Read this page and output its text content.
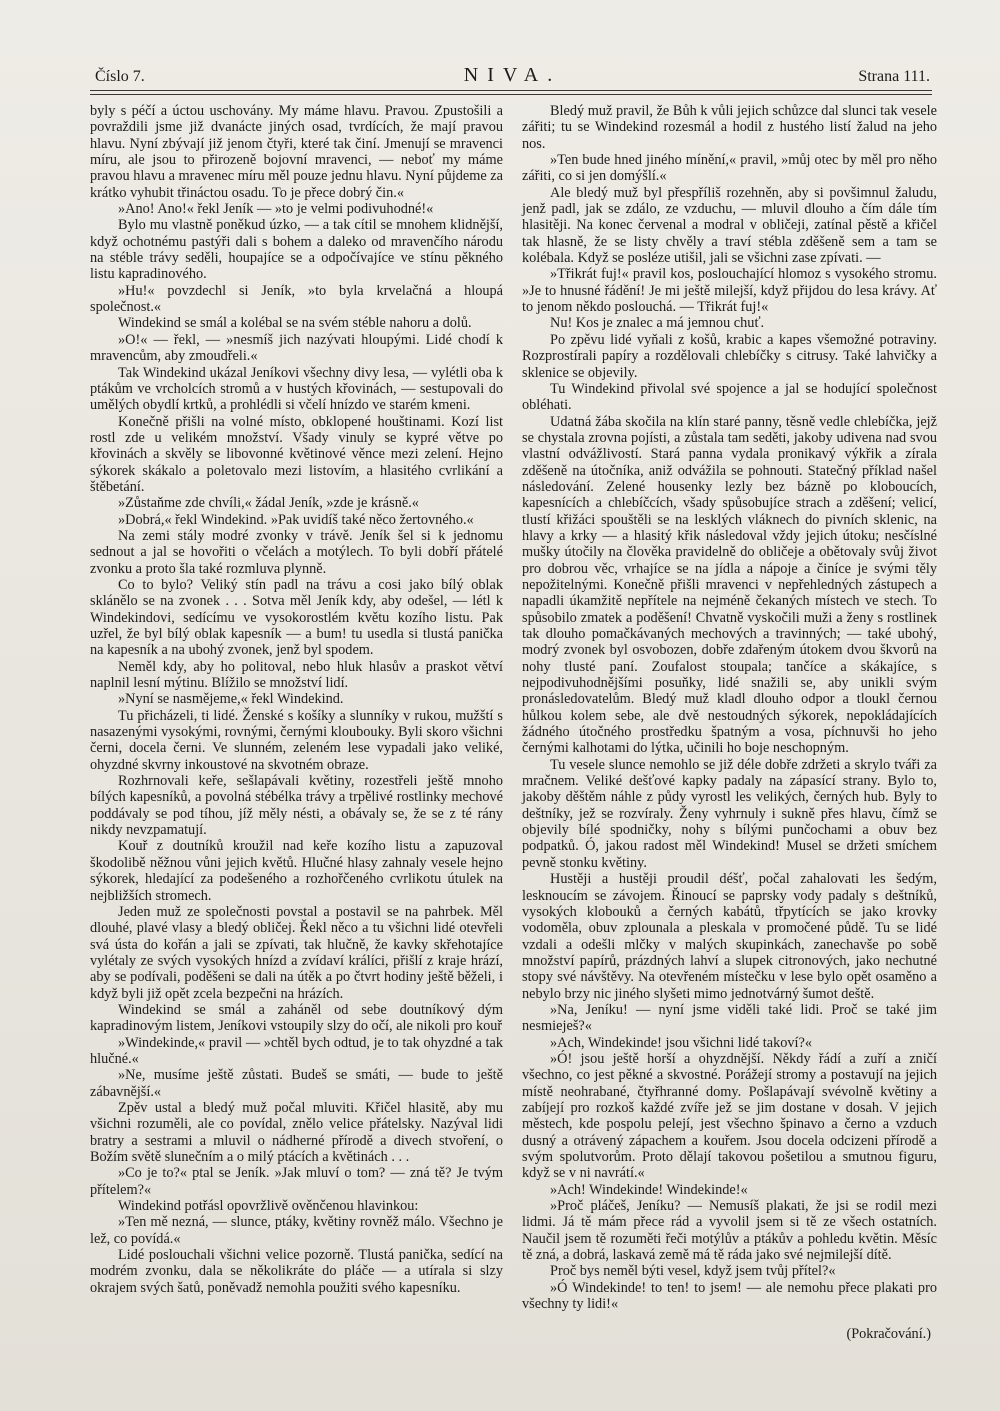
Číslo 7.	NIVA.	Strana 111.

byly s péčí a úctou uschovány. My máme hlavu. Pravou. Zpustošili a povraždili jsme již dvanácte jiných osad, tvrdících, že mají pravou hlavu. Nyní zbývají již jenom čtyři, které tak činí. Jmenují se mravenci míru, ale jsou to přirozeně bojovní mravenci, — neboť my máme pravou hlavu a mravenec míru měl pouze jednu hlavu. Nyní půjdeme za krátko vyhubit třináctou osadu. To je přece dobrý čin.«

»Ano! Ano!« řekl Jeník — »to je velmi podivuhodné!«

Bylo mu vlastně poněkud úzko, — a tak cítil se mnohem klidnější, když ochotnému pastýři dali s bohem a daleko od mravenčího národu na stéble trávy seděli, houpajíce se a odpočívajíce ve stínu pěkného listu kapradinového.

»Hu!« povzdechl si Jeník, »to byla krvelačná a hloupá společnost.«

Windekind se smál a kolébal se na svém stéble nahoru a dolů.

»O!« — řekl, — »nesmíš jich nazývati hloupými. Lidé chodí k mravencům, aby zmoudřeli.«

Tak Windekind ukázal Jeníkovi všechny divy lesa, — vylétli oba k ptákům ve vrcholcích stromů a v hustých křovinách, — sestupovali do umělých obydlí krtků, a prohlédli si včelí hnízdo ve starém kmeni.

Konečně přišli na volné místo, obklopené houštinami. Kozí list rostl zde u velikém množství. Všady vinuly se kypré větve po křovinách a skvěly se libovonné květinové věnce mezi zelení. Hejno sýkorek skákalo a poletovalo mezi listovím, a hlasitého cvrlikání a štěbetání.

»Zůstaňme zde chvíli,« žádal Jeník, »zde je krásně.«

»Dobrá,« řekl Windekind. »Pak uvidíš také něco žertovného.«

Na zemi stály modré zvonky v trávě. Jeník šel si k jednomu sednout a jal se hovořiti o včelách a motýlech. To byli dobří přátelé zvonku a proto šla také rozmluva plynně.

Co to bylo? Veliký stín padl na trávu a cosi jako bílý oblak sklánělo se na zvonek . . . Sotva měl Jeník kdy, aby odešel, — létl k Windekindovi, sedícímu ve vysokorostlém květu kozího listu. Pak uzřel, že byl bílý oblak kapesník — a bum! tu usedla si tlustá panička na kapesník a na ubohý zvonek, jenž byl spodem.

Neměl kdy, aby ho politoval, nebo hluk hlasův a praskot větví naplnil lesní mýtinu. Blížilo se množství lidí.

»Nyní se nasmějeme,« řekl Windekind.

Tu přicházeli, ti lidé. Ženské s košíky a slunníky v rukou, mužští s nasazenými vysokými, rovnými, černými kloubouky. Byli skoro všichni černi, docela černi. Ve slunném, zeleném lese vypadali jako veliké, ohyzdné skvrny inkoustové na skvotném obraze.

Rozhrnovali keře, sešlapávali květiny, rozestřeli ještě mnoho bílých kapesníků, a povolná stébélka trávy a trpělivé rostlinky mechové poddávaly se pod tíhou, jíž měly nésti, a obávaly se, že se z té rány nikdy nevzpamatují.

Kouř z doutníků kroužil nad keře kozího listu a zapuzoval škodolibě něžnou vůni jejich květů. Hlučné hlasy zahnaly vesele hejno sýkorek, hledající za podešeného a rozhořčeného cvrlikotu útulek na nejbližších stromech.

Jeden muž ze společnosti povstal a postavil se na pahrbek. Měl dlouhé, plavé vlasy a bledý obličej. Řekl něco a tu všichni lidé otevřeli svá ústa do kořán a jali se zpívati, tak hlučně, že kavky skřehotajíce vylétaly ze svých vysokých hnízd a zvídaví králíci, přišlí z kraje hrází, aby se podívali, poděšeni se dali na útěk a po čtvrt hodiny ještě běželi, i když byli již opět zcela bezpečni na hrázích.

Windekind se smál a zaháněl od sebe doutníkový dým kapradinovým listem, Jeníkovi vstoupily slzy do očí, ale nikoli pro kouř

»Windekinde,« pravil — »chtěl bych odtud, je to tak ohyzdné a tak hlučné.«

»Ne, musíme ještě zůstati. Budeš se smáti, — bude to ještě zábavnější.«

Zpěv ustal a bledý muž počal mluviti. Křičel hlasitě, aby mu všichni rozuměli, ale co povídal, znělo velice přátelsky. Nazýval lidi bratry a sestrami a mluvil o nádherné přírodě a divech stvoření, o Božím světě slunečním a o milý ptácích a květinách . . .

»Co je to?« ptal se Jeník. »Jak mluví o tom? — zná tě? Je tvým přítelem?«

Windekind potřásl opovržlivě ověnčenou hlavinkou:

»Ten mě nezná, — slunce, ptáky, květiny rovněž málo. Všechno je lež, co povídá.«

Lidé poslouchali všichni velice pozorně. Tlustá panička, sedící na modrém zvonku, dala se několikráte do pláče — a utírala si slzy okrajem svých šatů, poněvadž nemohla použiti svého kapesníku.

Bledý muž pravil, že Bůh k vůli jejich schůzce dal slunci tak vesele zářiti; tu se Windekind rozesmál a hodil z hustého listí žalud na jeho nos.

»Ten bude hned jiného mínění,« pravil, »můj otec by měl pro něho zářiti, co si jen domýšlí.«

Ale bledý muž byl přespříliš rozehněn, aby si povšimnul žaludu, jenž padl, jak se zdálo, ze vzduchu, — mluvil dlouho a čím dále tím hlasitěji. Na konec červenal a modral v obličeji, zatínal pěstě a křičel tak hlasně, že se listy chvěly a traví stébla zděšeně sem a tam se kolébala. Když se posléze utišil, jali se všichni zase zpívati. —

»Třikrát fuj!« pravil kos, poslouchající hlomoz s vysokého stromu. »Je to hnusné řádění! Je mi ještě milejší, když přijdou do lesa krávy. Ať to jenom někdo poslouchá. — Třikrát fuj!«

Nu! Kos je znalec a má jemnou chuť.

Po zpěvu lidé vyňali z košů, krabic a kapes všemožné potraviny. Rozprostírali papíry a rozdělovali chlebíčky s citrusy. Také lahvičky a sklenice se objevily.

Tu Windekind přivolal své spojence a jal se hodující společnost obléhati.

Udatná žába skočila na klín staré panny, těsně vedle chlebíčka, jejž se chystala zrovna pojísti, a zůstala tam seděti, jakoby udivena nad svou vlastní odvážlivostí. Stará panna vydala pronikavý výkřik a zírala zděšeně na útočníka, aniž odvážila se pohnouti. Statečný příklad našel následování. Zelené housenky lezly bez bázně po kloboucích, kapesnících a chlebíčcích, všady spůsobujíce strach a zděšení; velicí, tlustí křižáci spouštěli se na lesklých vláknech do pivních sklenic, na hlavy a krky — a hlasitý křik následoval vždy jejich útoku; nesčíslné mušky útočily na člověka pravidelně do obličeje a obětovaly svůj život pro dobrou věc, vrhajíce se na jídla a nápoje a činíce je svými těly nepožitelnými. Konečně přišli mravenci v nepřehledných zástupech a napadli úkamžitě nepřítele na nejméně čekaných místech ve stech. To spůsobilo zmatek a poděšení! Chvatně vyskočili muži a ženy s rostlinek tak dlouho pomačkávaných mechových a travinných; — také ubohý, modrý zvonek byl osvobozen, dobře zdařeným útokem dvou škvorů na nohy tlusté paní. Zoufalost stoupala; tančíce a skákajíce, s nejpodivuhodnějšími posuňky, lidé snažili se, aby unikli svým pronásledovatelům. Bledý muž kladl dlouho odpor a tloukl černou hůlkou kolem sebe, ale dvě nestoudných sýkorek, nepokládajících žádného útočného prostředku špatným a vosa, píchnuvši ho jeho černými kalhotami do lýtka, učinili ho boje neschopným.

Tu vesele slunce nemohlo se již déle dobře zdržeti a skrylo tváři za mračnem. Veliké dešťové kapky padaly na zápasící strany. Bylo to, jakoby děštěm náhle z půdy vyrostl les velikých, černých hub. Byly to deštníky, jež se rozvíraly. Ženy vyhrnuly i sukně přes hlavu, čímž se objevily bílé spodničky, nohy s bílými punčochami a obuv bez podpatků. Ó, jakou radost měl Windekind! Musel se držeti smíchem pevně stonku květiny.

Hustěji a hustěji proudil déšť, počal zahalovati les šedým, lesknoucím se závojem. Řinoucí se paprsky vody padaly s deštníků, vysokých klobouků a černých kabátů, třpytících se jako krovky vodoměla, obuv zplounala a pleskala v promočené půdě. Tu se lidé vzdali a odešli mlčky v malých skupinkách, zanechavše po sobě množství papírů, prázdných lahví a slupek citronových, jako nechutné stopy své návštěvy. Na otevřeném místečku v lese bylo opět osaměno a nebylo brzy nic jiného slyšeti mimo jednotvárný šumot deště.

»Na, Jeníku! — nyní jsme viděli také lidi. Proč se také jim nesmieješ?«

»Ach, Windekinde! jsou všichni lidé takoví?«

»Ó! jsou ještě horší a ohyzdnější. Někdy řádí a zuří a zničí všechno, co jest pěkné a skvostné. Porážejí stromy a postavují na jejich místě neohrabané, čtyřhranné domy. Pošlapávají svévolně květiny a zabíjejí pro rozkoš každé zvíře jež se jim dostane v dosah. V jejich městech, kde pospolu pelejí, jest všechno špinavo a černo a vzduch dusný a otrávený zápachem a kouřem. Jsou docela odcizeni přírodě a svým spolutvorům. Proto dělají takovou pošetilou a smutnou figuru, když se v ni navrátí.«

»Ach! Windekinde! Windekinde!«

»Proč pláčeš, Jeníku? — Nemusíš plakati, že jsi se rodil mezi lidmi. Já tě mám přece rád a vyvolil jsem si tě ze všech ostatních. Naučil jsem tě rozuměti řeči motýlův a ptákův a pohledu květin. Měsíc tě zná, a dobrá, laskavá země má tě ráda jako své nejmilejší dítě.

Proč bys neměl býti vesel, když jsem tvůj přítel?«

»Ó Windekinde! to ten! to jsem! — ale nemohu přece plakati pro všechny ty lidi!«

(Pokračování.)
